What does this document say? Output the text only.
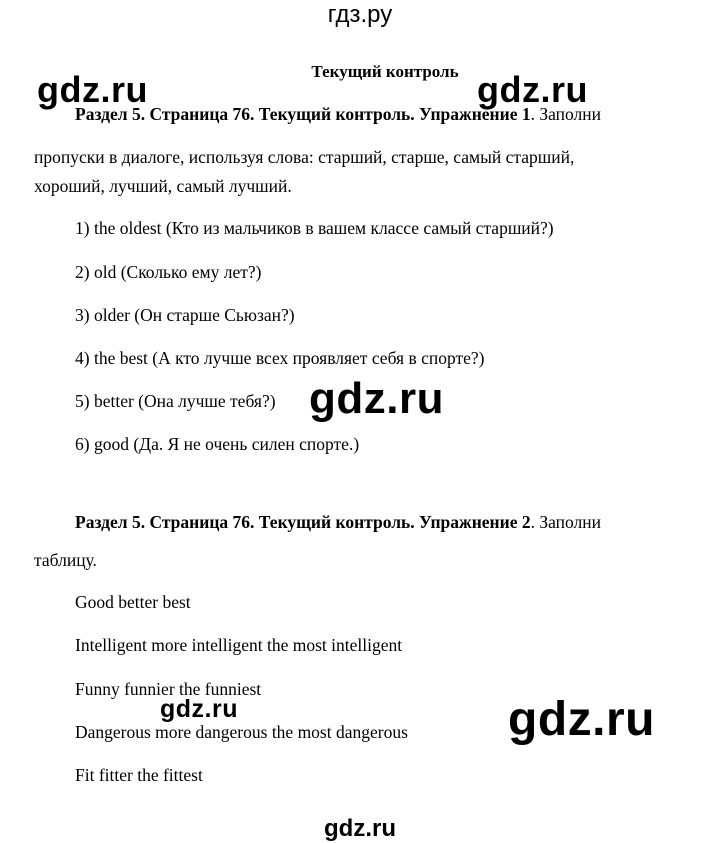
гдз.ру
Текущий контроль
Раздел 5. Страница 76. Текущий контроль. Упражнение 1. Заполни
пропуски в диалоге, используя слова: старший, старше, самый старший,
хороший, лучший, самый лучший.
1) the oldest (Кто из мальчиков в вашем классе самый старший?)
2) old (Сколько ему лет?)
3) older (Он старше Сьюзан?)
4) the best (А кто лучше всех проявляет себя в спорте?)
5) better (Она лучше тебя?)
6) good (Да. Я не очень силен спорте.)
Раздел 5. Страница 76. Текущий контроль. Упражнение 2. Заполни
таблицу.
Good better best
Intelligent more intelligent the most intelligent
Funny funnier the funniest
Dangerous more dangerous the most dangerous
Fit fitter the fittest
gdz.ru	gdz.ru
gdz.ru
gdz.ru	gdz.ru
gdz.ru
